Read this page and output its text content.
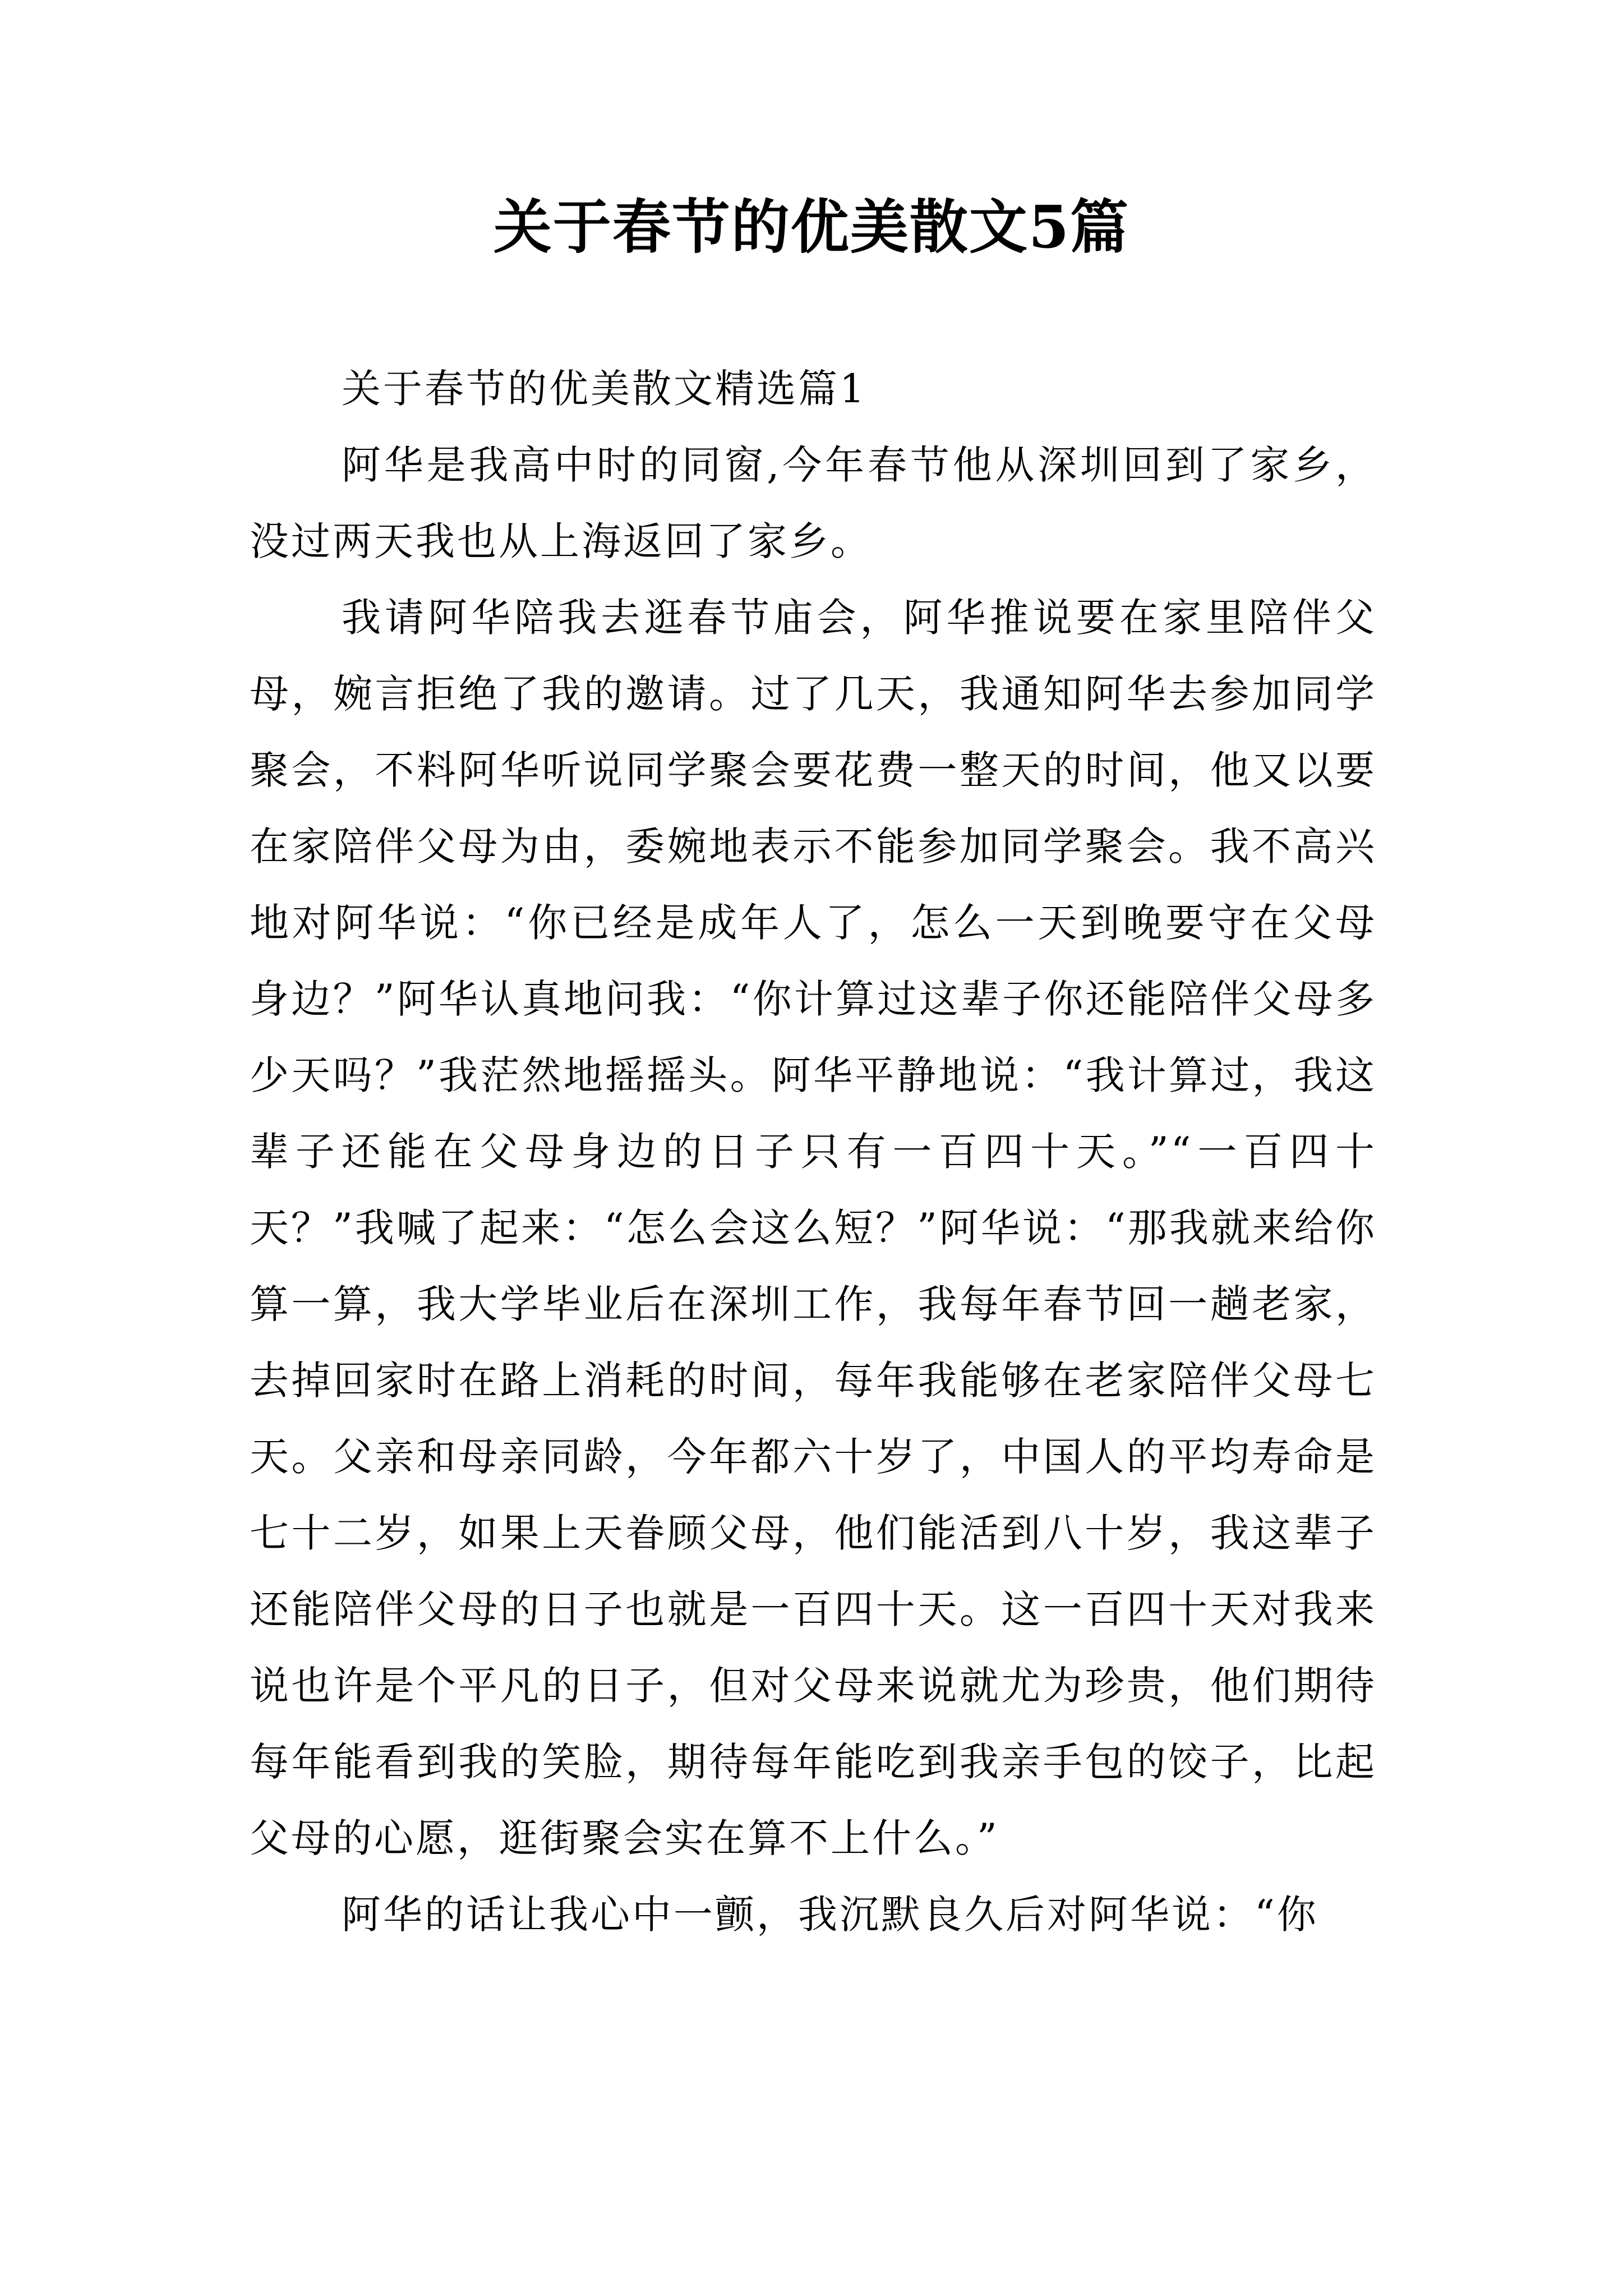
关于春节的优美散文5篇

关于春节的优美散文精选篇1

阿华是我高中时的同窗,今年春节他从深圳回到了家乡，没过两天我也从上海返回了家乡。

我请阿华陪我去逛春节庙会，阿华推说要在家里陪伴父母，婉言拒绝了我的邀请。过了几天，我通知阿华去参加同学聚会，不料阿华听说同学聚会要花费一整天的时间，他又以要在家陪伴父母为由，委婉地表示不能参加同学聚会。我不高兴地对阿华说：“你已经是成年人了，怎么一天到晚要守在父母身边？”阿华认真地问我：“你计算过这辈子你还能陪伴父母多少天吗？”我茫然地摇摇头。阿华平静地说：“我计算过，我这辈子还能在父母身边的日子只有一百四十天。”“一百四十天？”我喊了起来：“怎么会这么短？”阿华说：“那我就来给你算一算，我大学毕业后在深圳工作，我每年春节回一趟老家，去掉回家时在路上消耗的时间，每年我能够在老家陪伴父母七天。父亲和母亲同龄，今年都六十岁了，中国人的平均寿命是七十二岁，如果上天眷顾父母，他们能活到八十岁，我这辈子还能陪伴父母的日子也就是一百四十天。这一百四十天对我来说也许是个平凡的日子，但对父母来说就尤为珍贵，他们期待每年能看到我的笑脸，期待每年能吃到我亲手包的饺子，比起父母的心愿，逛街聚会实在算不上什么。”

阿华的话让我心中一颤，我沉默良久后对阿华说：“你
